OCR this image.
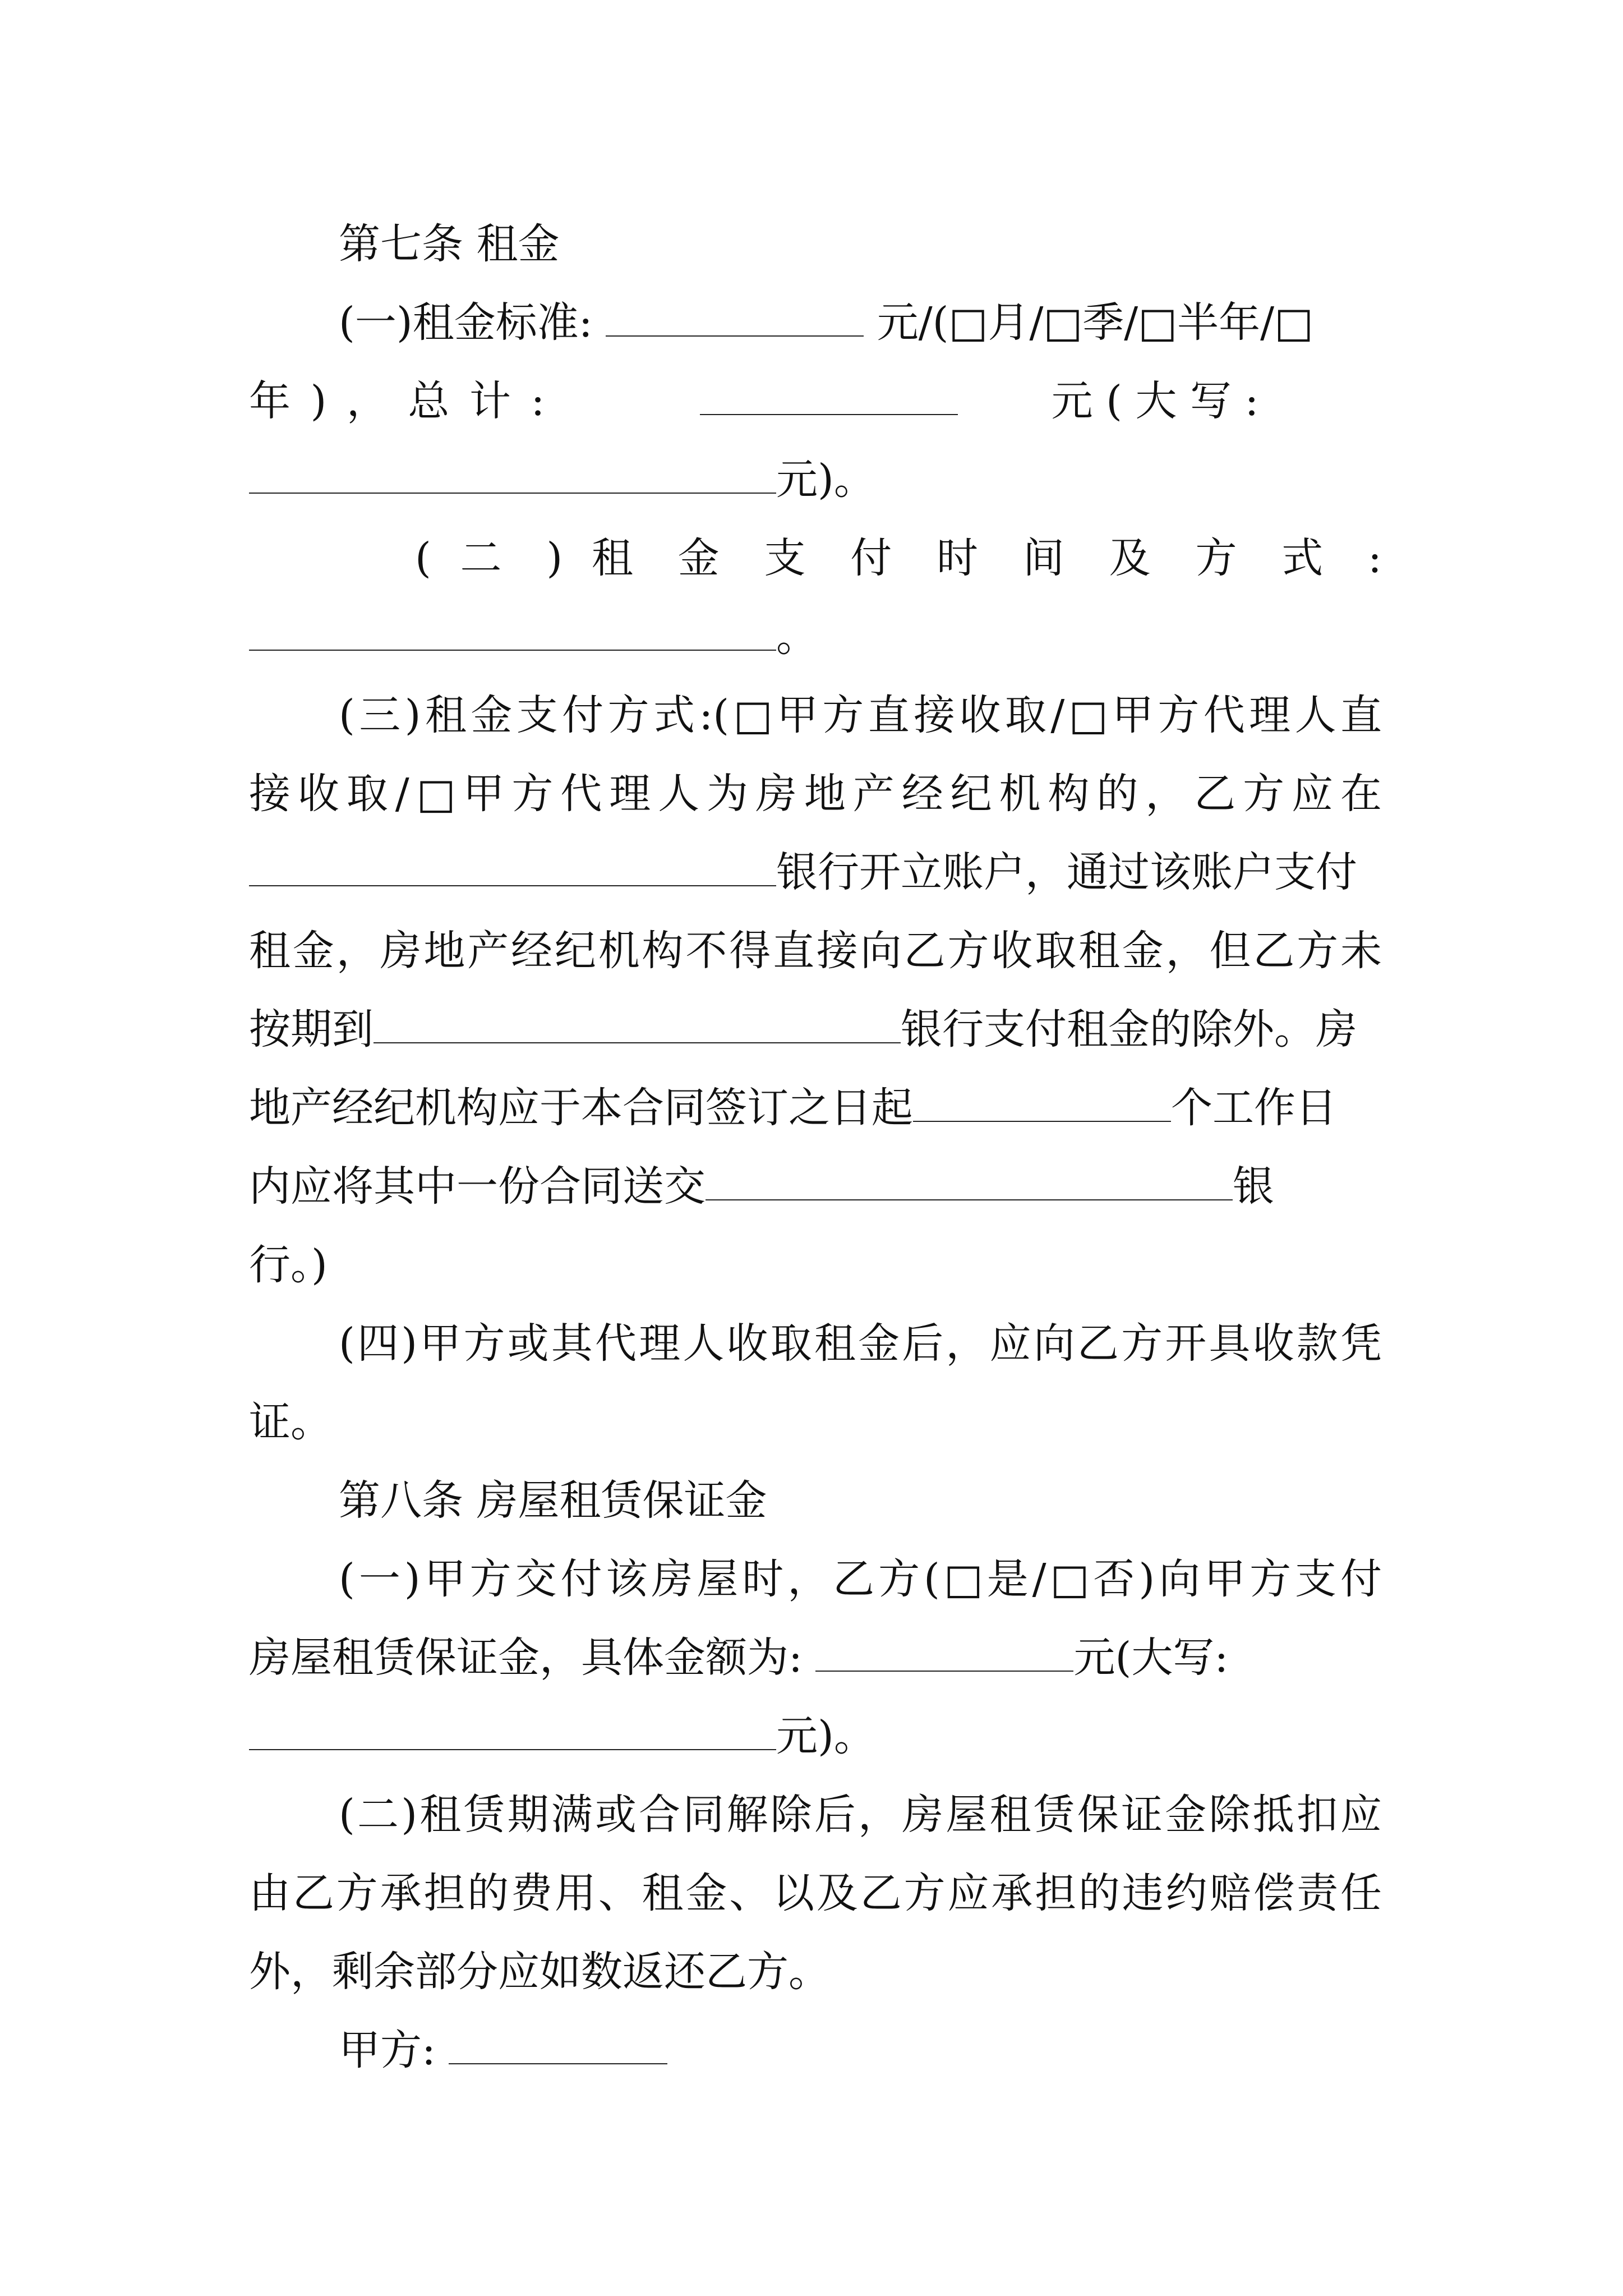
第七条 租金
(一)租金标准:	元/(□月/□季/□半年/□
年 ) ， 总 计 :	元 ( 大 写 :
元)。
( 二 ) 租 金 支 付 时 间 及 方 式 :
。
(三)租金支付方式:(□甲方直接收取/□甲方代理人直
接收取/□甲方代理人为房地产经纪机构的，乙方应在
银行开立账户，通过该账户支付
租金，房地产经纪机构不得直接向乙方收取租金，但乙方未
按期到	银行支付租金的除外。房
地产经纪机构应于本合同签订之日起	个工作日
内应将其中一份合同送交	银
行。)
(四)甲方或其代理人收取租金后，应向乙方开具收款凭
证。
第八条 房屋租赁保证金
(一)甲方交付该房屋时，乙方(□是/□否)向甲方支付
房屋租赁保证金，具体金额为:	元(大写:
元)。
(二)租赁期满或合同解除后，房屋租赁保证金除抵扣应
由乙方承担的费用、租金、以及乙方应承担的违约赔偿责任
外，剩余部分应如数返还乙方。
甲方:
